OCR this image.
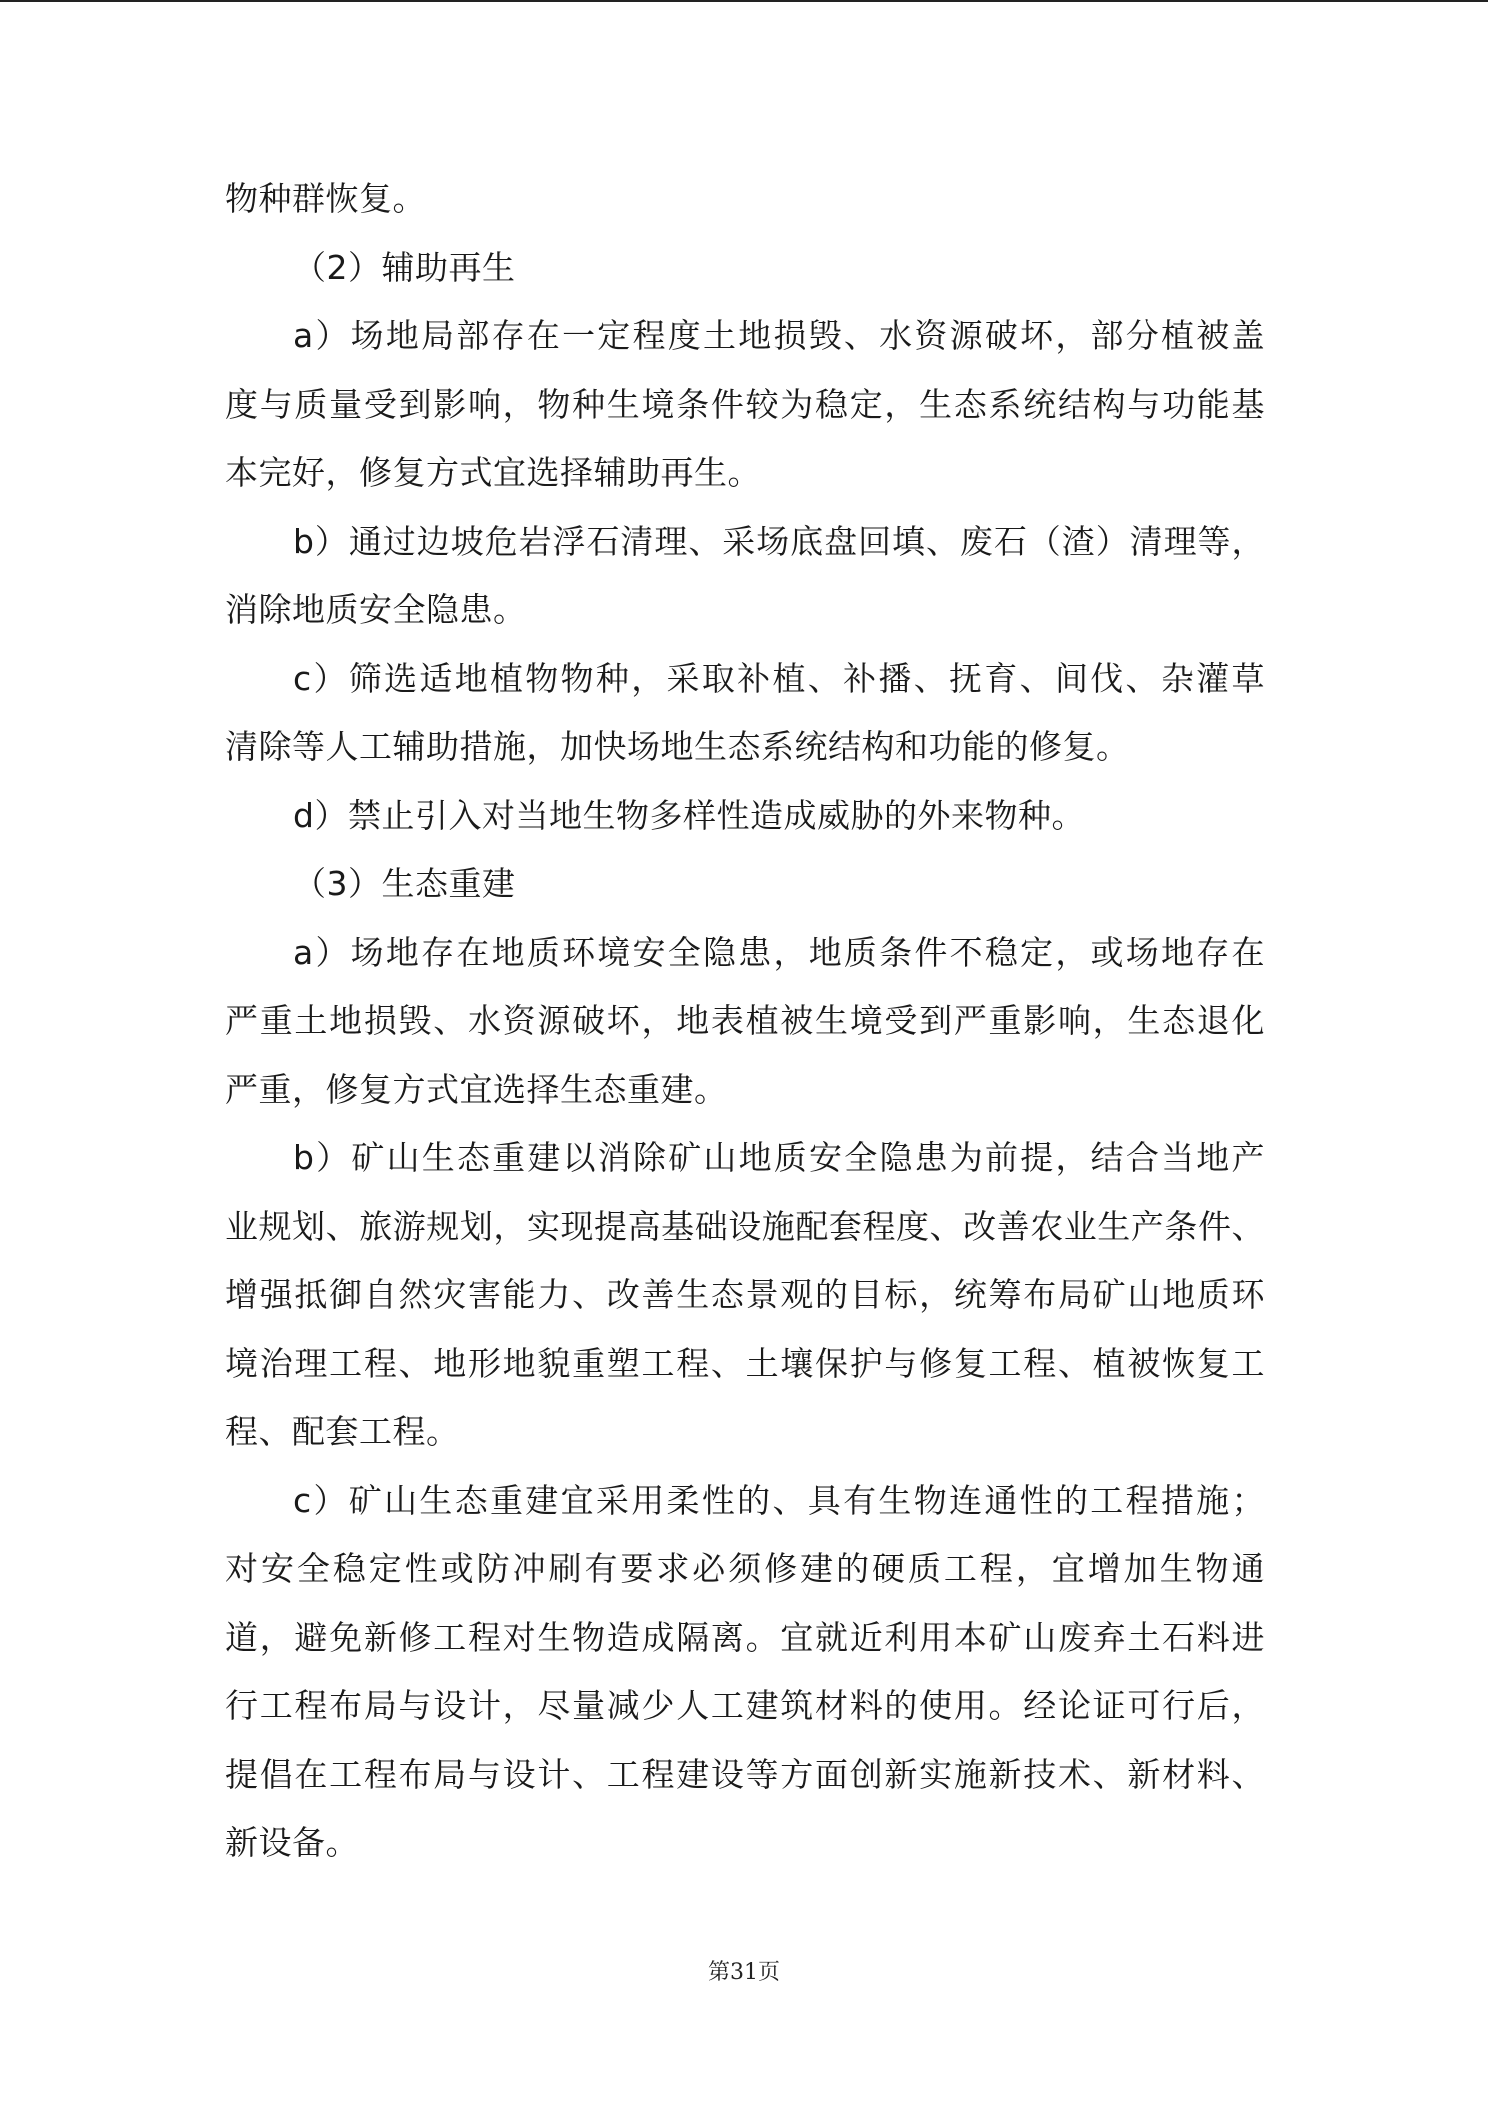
物种群恢复。
（2）辅助再生
a）场地局部存在一定程度土地损毁、水资源破坏，部分植被盖
度与质量受到影响，物种生境条件较为稳定，生态系统结构与功能基
本完好，修复方式宜选择辅助再生。
b）通过边坡危岩浮石清理、采场底盘回填、废石（渣）清理等，
消除地质安全隐患。
c）筛选适地植物物种，采取补植、补播、抚育、间伐、杂灌草
清除等人工辅助措施，加快场地生态系统结构和功能的修复。
d）禁止引入对当地生物多样性造成威胁的外来物种。
（3）生态重建
a）场地存在地质环境安全隐患，地质条件不稳定，或场地存在
严重土地损毁、水资源破坏，地表植被生境受到严重影响，生态退化
严重，修复方式宜选择生态重建。
b）矿山生态重建以消除矿山地质安全隐患为前提，结合当地产
业规划、旅游规划，实现提高基础设施配套程度、改善农业生产条件、
增强抵御自然灾害能力、改善生态景观的目标，统筹布局矿山地质环
境治理工程、地形地貌重塑工程、土壤保护与修复工程、植被恢复工
程、配套工程。
c）矿山生态重建宜采用柔性的、具有生物连通性的工程措施；
对安全稳定性或防冲刷有要求必须修建的硬质工程，宜增加生物通
道，避免新修工程对生物造成隔离。宜就近利用本矿山废弃土石料进
行工程布局与设计，尽量减少人工建筑材料的使用。经论证可行后，
提倡在工程布局与设计、工程建设等方面创新实施新技术、新材料、
新设备。
第31页
